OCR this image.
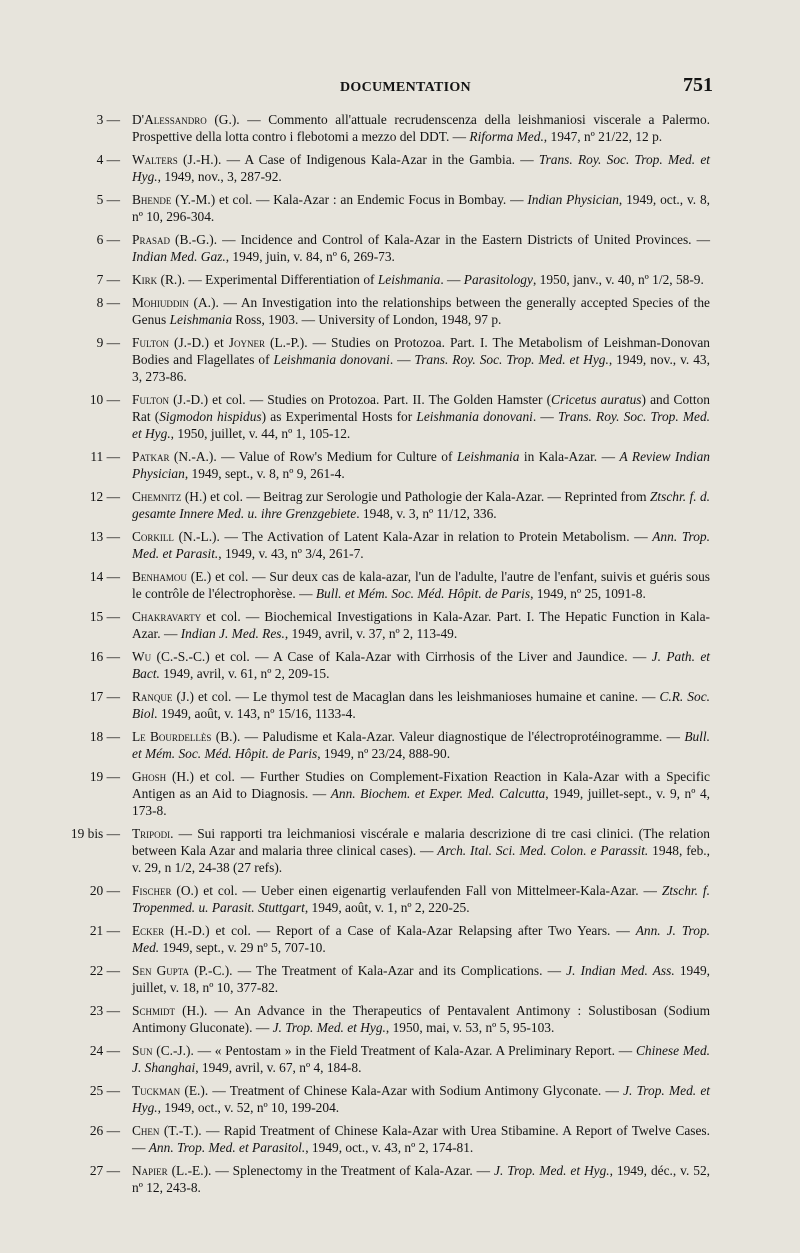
DOCUMENTATION	751
3 — D'Alessandro (G.). — Commento all'attuale recrudenscenza della leishmaniosi viscerale a Palermo. Prospettive della lotta contro i flebotomi a mezzo del DDT. — Riforma Med., 1947, nº 21/22, 12 p.
4 — Walters (J.-H.). — A Case of Indigenous Kala-Azar in the Gambia. — Trans. Roy. Soc. Trop. Med. et Hyg., 1949, nov., 3, 287-92.
5 — Bhende (Y.-M.) et col. — Kala-Azar : an Endemic Focus in Bombay. — Indian Physician, 1949, oct., v. 8, nº 10, 296-304.
6 — Prasad (B.-G.). — Incidence and Control of Kala-Azar in the Eastern Districts of United Provinces. — Indian Med. Gaz., 1949, juin, v. 84, nº 6, 269-73.
7 — Kirk (R.). — Experimental Differentiation of Leishmania. — Parasitology, 1950, janv., v. 40, nº 1/2, 58-9.
8 — Mohiuddin (A.). — An Investigation into the relationships between the generally accepted Species of the Genus Leishmania Ross, 1903. — University of London, 1948, 97 p.
9 — Fulton (J.-D.) et Joyner (L.-P.). — Studies on Protozoa. Part. I. The Metabolism of Leishman-Donovan Bodies and Flagellates of Leishmania donovani. — Trans. Roy. Soc. Trop. Med. et Hyg., 1949, nov., v. 43, 3, 273-86.
10 — Fulton (J.-D.) et col. — Studies on Protozoa. Part. II. The Golden Hamster (Cricetus auratus) and Cotton Rat (Sigmodon hispidus) as Experimental Hosts for Leishmania donovani. — Trans. Roy. Soc. Trop. Med. et Hyg., 1950, juillet, v. 44, nº 1, 105-12.
11 — Patkar (N.-A.). — Value of Row's Medium for Culture of Leishmania in Kala-Azar. — A Review Indian Physician, 1949, sept., v. 8, nº 9, 261-4.
12 — Chemnitz (H.) et col. — Beitrag zur Serologie und Pathologie der Kala-Azar. — Reprinted from Ztschr. f. d. gesamte Innere Med. u. ihre Grenzgebiete. 1948, v. 3, nº 11/12, 336.
13 — Corkill (N.-L.). — The Activation of Latent Kala-Azar in relation to Protein Metabolism. — Ann. Trop. Med. et Parasit., 1949, v. 43, nº 3/4, 261-7.
14 — Benhamou (E.) et col. — Sur deux cas de kala-azar, l'un de l'adulte, l'autre de l'enfant, suivis et guéris sous le contrôle de l'électrophorèse. — Bull. et Mém. Soc. Méd. Hôpit. de Paris, 1949, nº 25, 1091-8.
15 — Chakravarty et col. — Biochemical Investigations in Kala-Azar. Part. I. The Hepatic Function in Kala-Azar. — Indian J. Med. Res., 1949, avril, v. 37, nº 2, 113-49.
16 — Wu (C.-S.-C.) et col. — A Case of Kala-Azar with Cirrhosis of the Liver and Jaundice. — J. Path. et Bact. 1949, avril, v. 61, nº 2, 209-15.
17 — Ranque (J.) et col. — Le thymol test de Macaglan dans les leishmanioses humaine et canine. — C.R. Soc. Biol. 1949, août, v. 143, nº 15/16, 1133-4.
18 — Le Bourdellès (B.). — Paludisme et Kala-Azar. Valeur diagnostique de l'électroprotéinogramme. — Bull. et Mém. Soc. Méd. Hôpit. de Paris, 1949, nº 23/24, 888-90.
19 — Ghosh (H.) et col. — Further Studies on Complement-Fixation Reaction in Kala-Azar with a Specific Antigen as an Aid to Diagnosis. — Ann. Biochem. et Exper. Med. Calcutta, 1949, juillet-sept., v. 9, nº 4, 173-8.
19 bis — Tripodi. — Sui rapporti tra leichmaniosi viscérale e malaria descrizione di tre casi clinici. (The relation between Kala Azar and malaria three clinical cases). — Arch. Ital. Sci. Med. Colon. e Parassit. 1948, feb., v. 29, n 1/2, 24-38 (27 refs).
20 — Fischer (O.) et col. — Ueber einen eigenartig verlaufenden Fall von Mittelmeer-Kala-Azar. — Ztschr. f. Tropenmed. u. Parasit. Stuttgart, 1949, août, v. 1, nº 2, 220-25.
21 — Ecker (H.-D.) et col. — Report of a Case of Kala-Azar Relapsing after Two Years. — Ann. J. Trop. Med. 1949, sept., v. 29 nº 5, 707-10.
22 — Sen Gupta (P.-C.). — The Treatment of Kala-Azar and its Complications. — J. Indian Med. Ass. 1949, juillet, v. 18, nº 10, 377-82.
23 — Schmidt (H.). — An Advance in the Therapeutics of Pentavalent Antimony : Solustibosan (Sodium Antimony Gluconate). — J. Trop. Med. et Hyg., 1950, mai, v. 53, nº 5, 95-103.
24 — Sun (C.-J.). — « Pentostam » in the Field Treatment of Kala-Azar. A Preliminary Report. — Chinese Med. J. Shanghai, 1949, avril, v. 67, nº 4, 184-8.
25 — Tuckman (E.). — Treatment of Chinese Kala-Azar with Sodium Antimony Glyconate. — J. Trop. Med. et Hyg., 1949, oct., v. 52, nº 10, 199-204.
26 — Chen (T.-T.). — Rapid Treatment of Chinese Kala-Azar with Urea Stibamine. A Report of Twelve Cases. — Ann. Trop. Med. et Parasitol., 1949, oct., v. 43, nº 2, 174-81.
27 — Napier (L.-E.). — Splenectomy in the Treatment of Kala-Azar. — J. Trop. Med. et Hyg., 1949, déc., v. 52, nº 12, 243-8.
